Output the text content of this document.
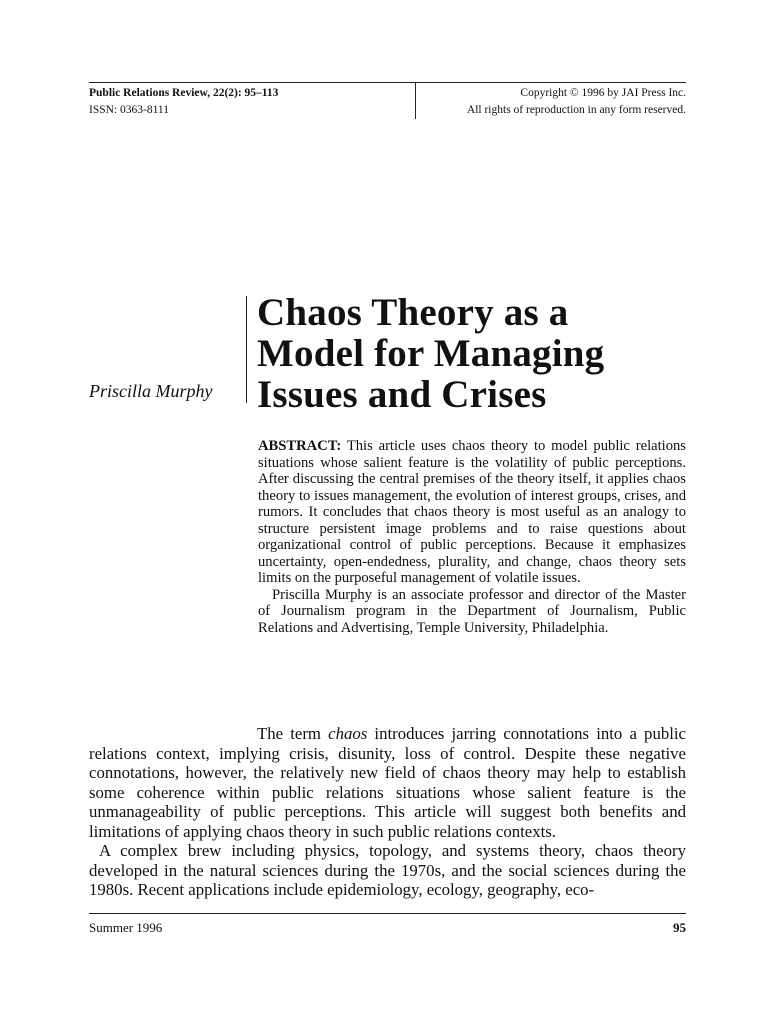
Public Relations Review, 22(2): 95–113
ISSN: 0363-8111
Copyright © 1996 by JAI Press Inc.
All rights of reproduction in any form reserved.
Chaos Theory as a
Model for Managing
Issues and Crises
Priscilla Murphy

ABSTRACT: This article uses chaos theory to model public relations situations whose salient feature is the volatility of public perceptions. After discussing the central premises of the theory itself, it applies chaos theory to issues management, the evolution of interest groups, crises, and rumors. It concludes that chaos theory is most useful as an analogy to structure persistent image problems and to raise questions about organizational control of public perceptions. Because it emphasizes uncertainty, open-endedness, plurality, and change, chaos theory sets limits on the purposeful management of volatile issues.

Priscilla Murphy is an associate professor and director of the Master of Journalism program in the Department of Journalism, Public Relations and Advertising, Temple University, Philadelphia.

The term chaos introduces jarring connotations into a public relations context, implying crisis, disunity, loss of control. Despite these negative connotations, however, the relatively new field of chaos theory may help to establish some coherence within public relations situations whose salient feature is the unmanageability of public perceptions. This article will suggest both benefits and limitations of applying chaos theory in such public relations contexts.

A complex brew including physics, topology, and systems theory, chaos theory developed in the natural sciences during the 1970s, and the social sciences during the 1980s. Recent applications include epidemiology, ecology, geography, eco-

Summer 1996	95
